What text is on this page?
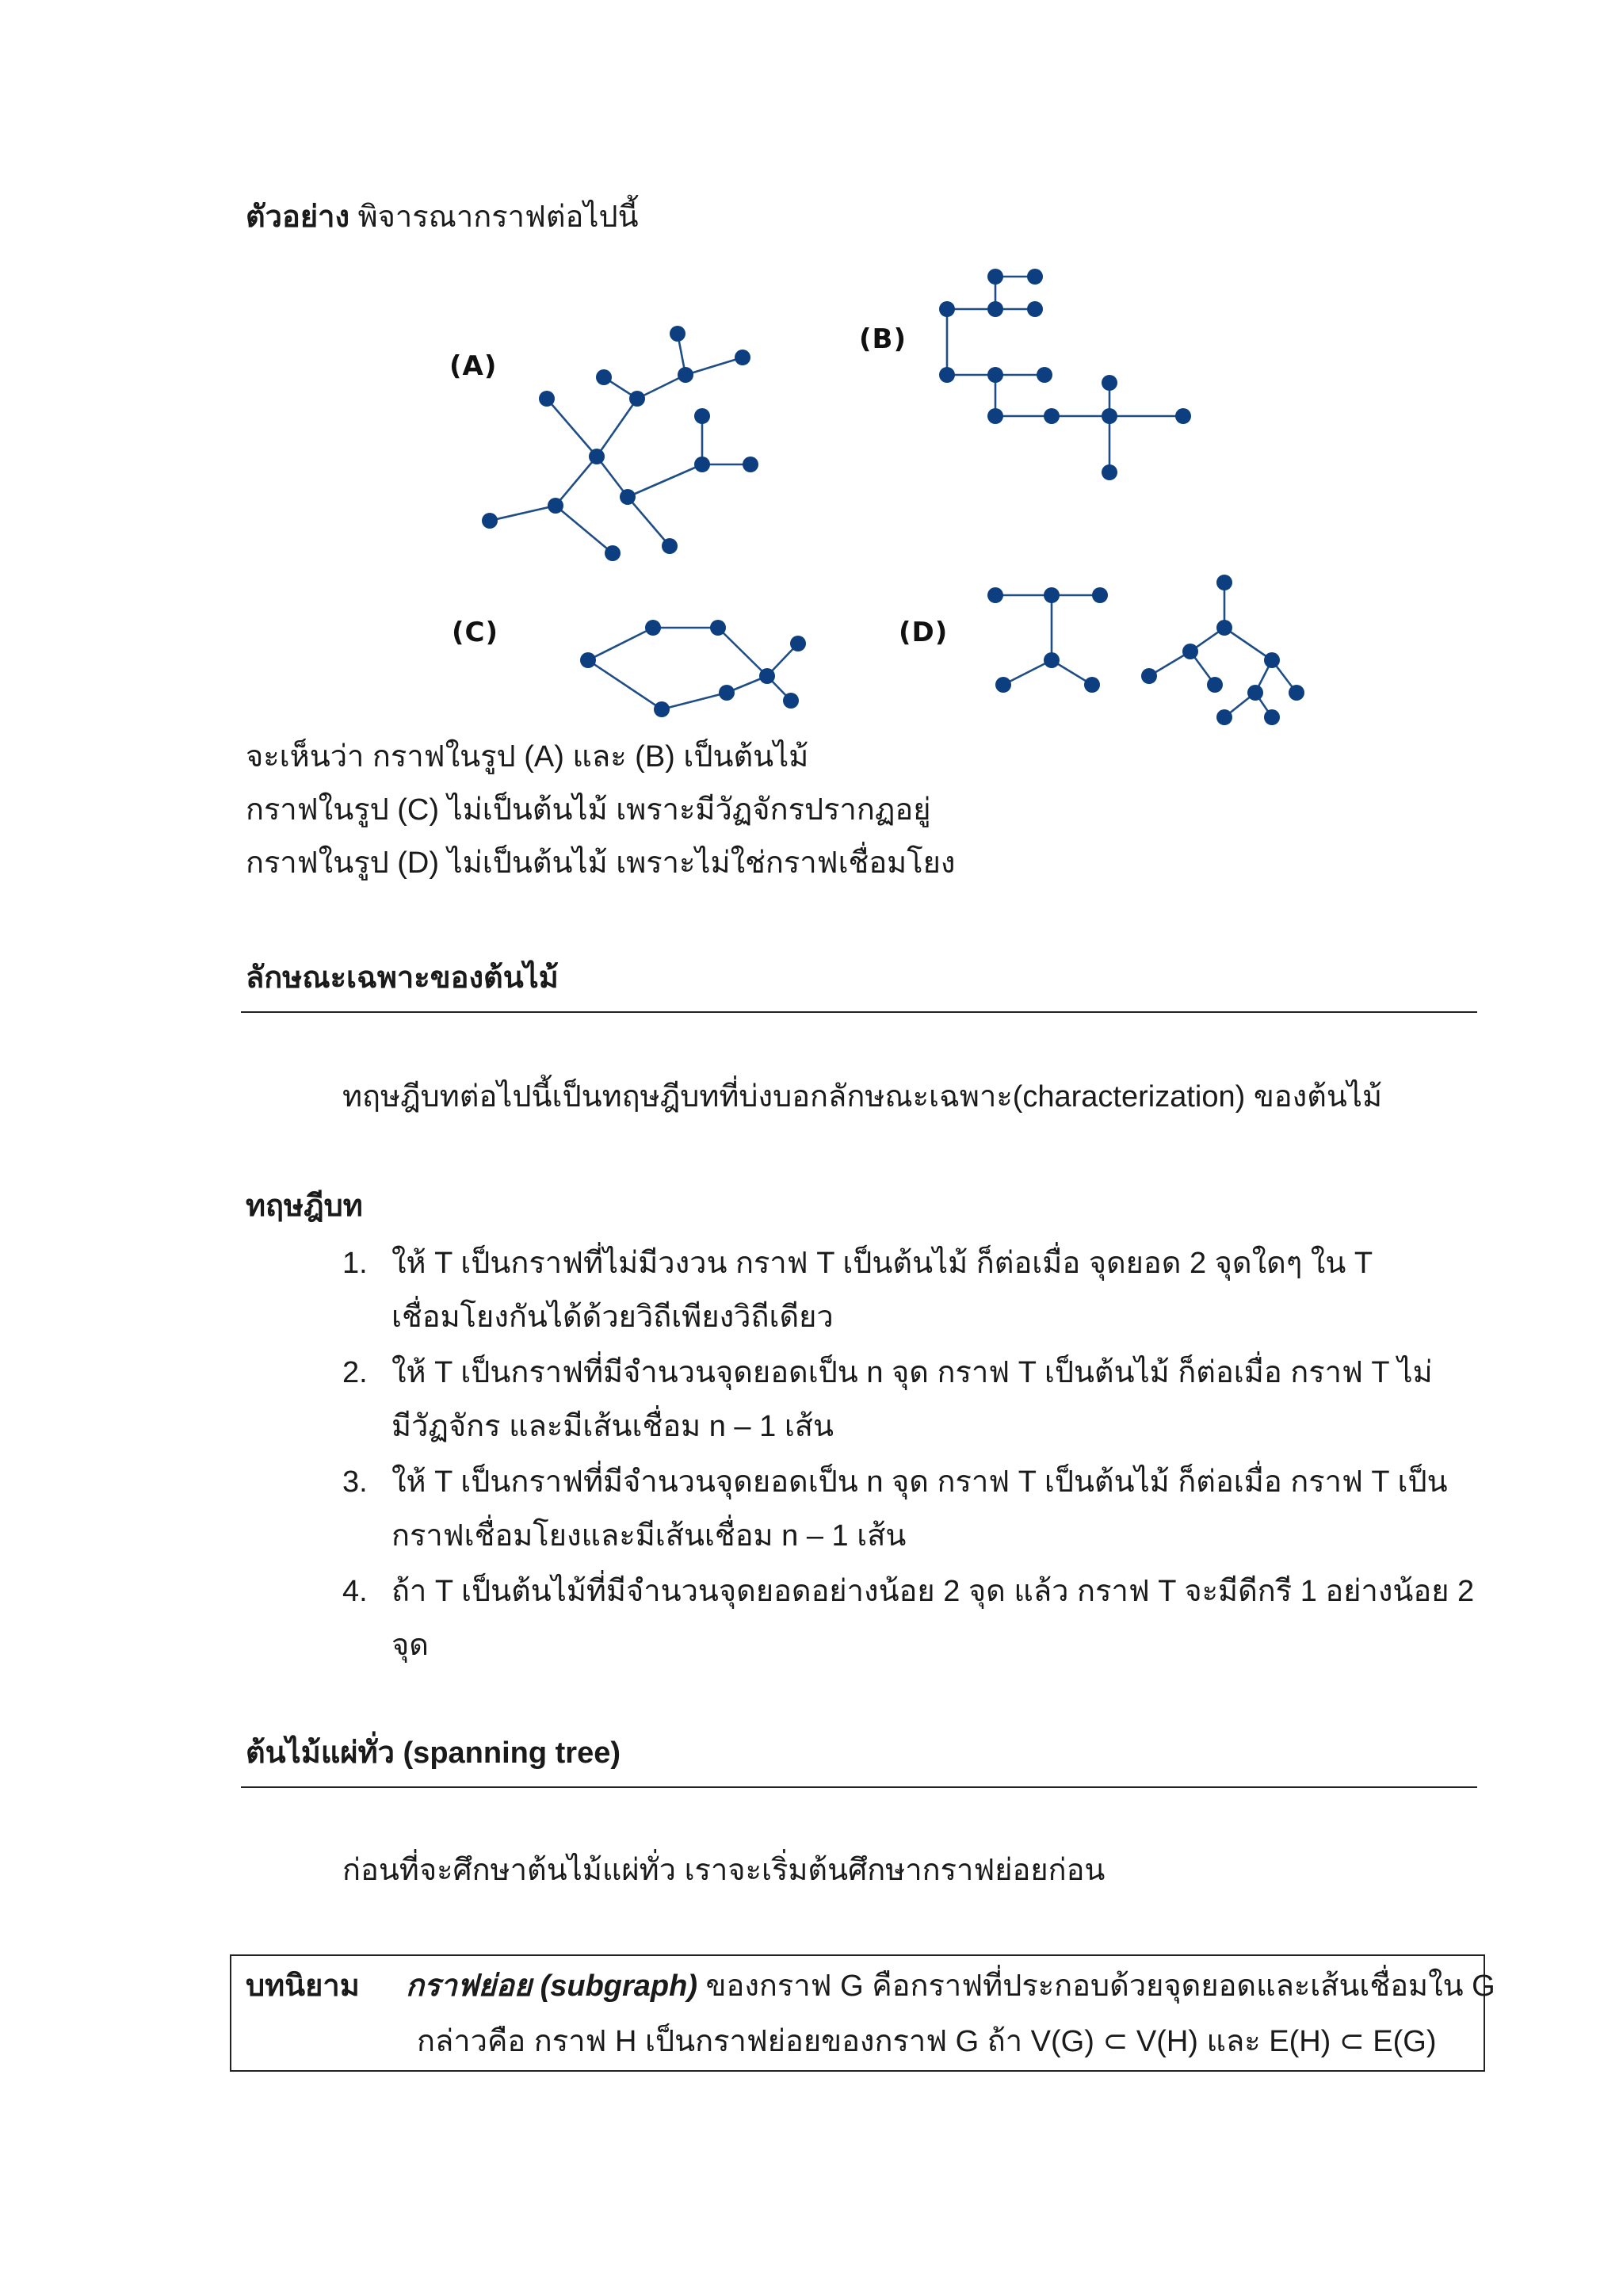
ตัวอย่าง พิจารณากราฟต่อไปนี้
(A)
(B)
(C)	(D)
จะเห็นว่า กราฟในรูป (A) และ (B) เป็นต้นไม้
กราฟในรูป (C) ไม่เป็นต้นไม้ เพราะมีวัฏจักรปรากฏอยู่
กราฟในรูป (D) ไม่เป็นต้นไม้ เพราะไม่ใช่กราฟเชื่อมโยง
ลักษณะเฉพาะของต้นไม้
ทฤษฎีบทต่อไปนี้เป็นทฤษฎีบทที่บ่งบอกลักษณะเฉพาะ(characterization) ของต้นไม้
ทฤษฎีบท
1. ให้ T เป็นกราฟที่ไม่มีวงวน กราฟ T เป็นต้นไม้ ก็ต่อเมื่อ จุดยอด 2 จุดใดๆ ใน T
เชื่อมโยงกันได้ด้วยวิถีเพียงวิถีเดียว
2. ให้ T เป็นกราฟที่มีจำนวนจุดยอดเป็น n จุด กราฟ T เป็นต้นไม้ ก็ต่อเมื่อ กราฟ T ไม่
มีวัฏจักร และมีเส้นเชื่อม n – 1 เส้น
3. ให้ T เป็นกราฟที่มีจำนวนจุดยอดเป็น n จุด กราฟ T เป็นต้นไม้ ก็ต่อเมื่อ กราฟ T เป็น
กราฟเชื่อมโยงและมีเส้นเชื่อม n – 1 เส้น
4. ถ้า T เป็นต้นไม้ที่มีจำนวนจุดยอดอย่างน้อย 2 จุด แล้ว กราฟ T จะมีดีกรี 1 อย่างน้อย 2
จุด
ต้นไม้แผ่ทั่ว (spanning tree)
ก่อนที่จะศึกษาต้นไม้แผ่ทั่ว เราจะเริ่มต้นศึกษากราฟย่อยก่อน
บทนิยาม กราฟย่อย (subgraph) ของกราฟ G คือกราฟที่ประกอบด้วยจุดยอดและเส้นเชื่อมใน G
กล่าวคือ กราฟ H เป็นกราฟย่อยของกราฟ G ถ้า V(G) ⊂ V(H) และ E(H) ⊂ E(G)
